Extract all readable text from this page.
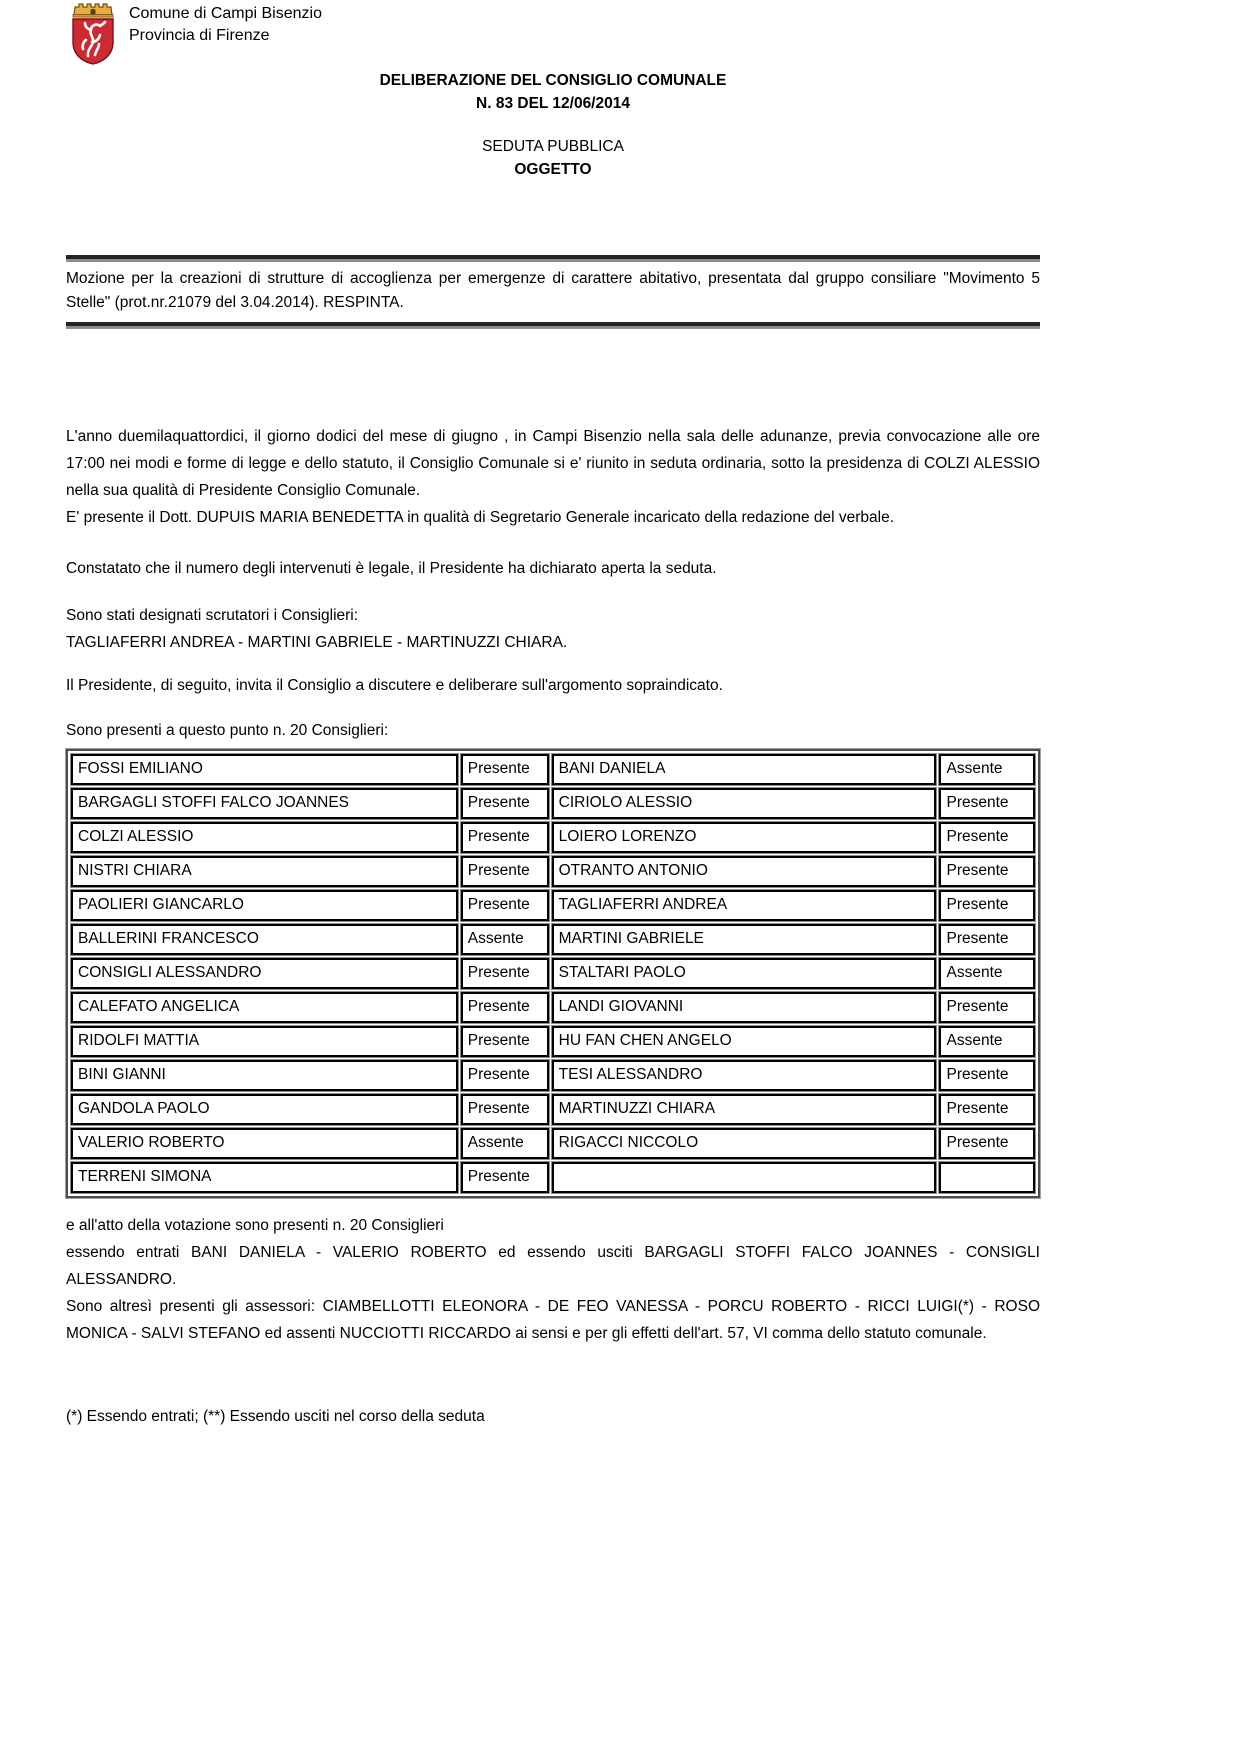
Comune di Campi Bisenzio
Provincia di Firenze
DELIBERAZIONE DEL CONSIGLIO COMUNALE
N. 83 DEL 12/06/2014
SEDUTA PUBBLICA
OGGETTO

Mozione per la creazioni di strutture di accoglienza per emergenze di carattere abitativo, presentata dal gruppo consiliare "Movimento 5 Stelle" (prot.nr.21079 del 3.04.2014). RESPINTA.

L'anno duemilaquattordici, il giorno dodici del mese di giugno , in Campi Bisenzio nella sala delle adunanze, previa convocazione alle ore 17:00 nei modi e forme di legge e dello statuto, il Consiglio Comunale si e' riunito in seduta ordinaria, sotto la presidenza di COLZI ALESSIO nella sua qualità di Presidente Consiglio Comunale.
E' presente il Dott. DUPUIS MARIA BENEDETTA in qualità di Segretario Generale incaricato della redazione del verbale.
Constatato che il numero degli intervenuti è legale, il Presidente ha dichiarato aperta la seduta.
Sono stati designati scrutatori i Consiglieri:
TAGLIAFERRI ANDREA - MARTINI GABRIELE - MARTINUZZI CHIARA.
Il Presidente, di seguito, invita il Consiglio a discutere e deliberare sull'argomento sopraindicato.
Sono presenti a questo punto n. 20 Consiglieri:
FOSSI EMILIANO	Presente	BANI DANIELA	Assente
BARGAGLI STOFFI FALCO JOANNES	Presente	CIRIOLO ALESSIO	Presente
COLZI ALESSIO	Presente	LOIERO LORENZO	Presente
NISTRI CHIARA	Presente	OTRANTO ANTONIO	Presente
PAOLIERI GIANCARLO	Presente	TAGLIAFERRI ANDREA	Presente
BALLERINI FRANCESCO	Assente	MARTINI GABRIELE	Presente
CONSIGLI ALESSANDRO	Presente	STALTARI PAOLO	Assente
CALEFATO ANGELICA	Presente	LANDI GIOVANNI	Presente
RIDOLFI MATTIA	Presente	HU FAN CHEN ANGELO	Assente
BINI GIANNI	Presente	TESI ALESSANDRO	Presente
GANDOLA PAOLO	Presente	MARTINUZZI CHIARA	Presente
VALERIO ROBERTO	Assente	RIGACCI NICCOLO	Presente
TERRENI SIMONA	Presente		
e all'atto della votazione sono presenti n. 20 Consiglieri
essendo entrati BANI DANIELA - VALERIO ROBERTO ed essendo usciti BARGAGLI STOFFI FALCO JOANNES - CONSIGLI ALESSANDRO.
Sono altresì presenti gli assessori: CIAMBELLOTTI ELEONORA - DE FEO VANESSA - PORCU ROBERTO - RICCI LUIGI(*) - ROSO MONICA - SALVI STEFANO ed assenti NUCCIOTTI RICCARDO ai sensi e per gli effetti dell'art. 57, VI comma dello statuto comunale.
(*) Essendo entrati; (**) Essendo usciti nel corso della seduta
